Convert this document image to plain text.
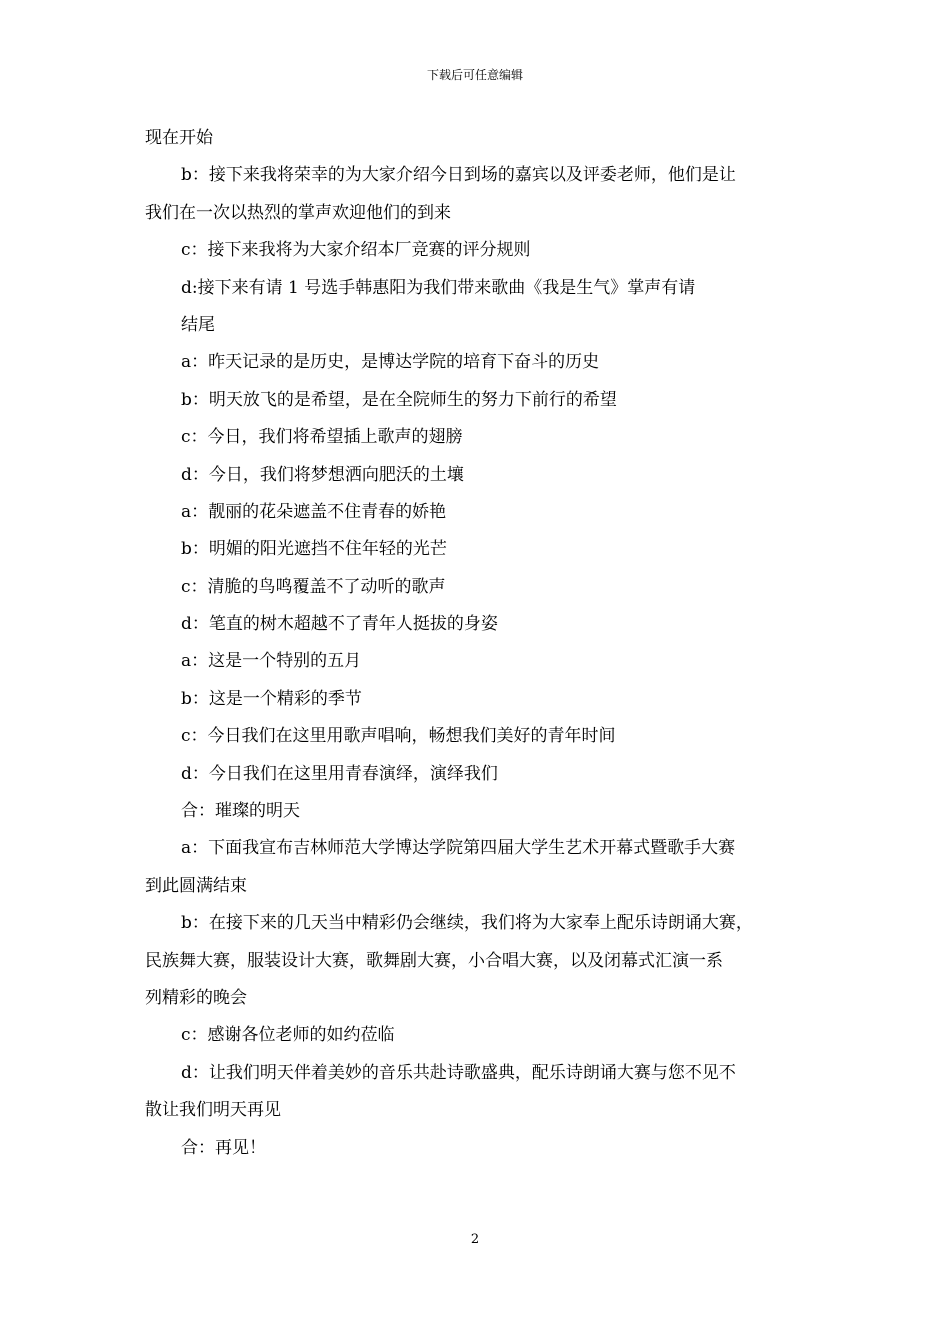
下载后可任意编辑
现在开始
b：接下来我将荣幸的为大家介绍今日到场的嘉宾以及评委老师，他们是让
我们在一次以热烈的掌声欢迎他们的到来
c：接下来我将为大家介绍本厂竞赛的评分规则
d:接下来有请 1 号选手韩惠阳为我们带来歌曲《我是生气》掌声有请
结尾
a：昨天记录的是历史，是博达学院的培育下奋斗的历史
b：明天放飞的是希望，是在全院师生的努力下前行的希望
c：今日，我们将希望插上歌声的翅膀
d：今日，我们将梦想洒向肥沃的土壤
a：靓丽的花朵遮盖不住青春的娇艳
b：明媚的阳光遮挡不住年轻的光芒
c：清脆的鸟鸣覆盖不了动听的歌声
d：笔直的树木超越不了青年人挺拔的身姿
a：这是一个特别的五月
b：这是一个精彩的季节
c：今日我们在这里用歌声唱响，畅想我们美好的青年时间
d：今日我们在这里用青春演绎，演绎我们
合：璀璨的明天
a：下面我宣布吉林师范大学博达学院第四届大学生艺术开幕式暨歌手大赛
到此圆满结束
b：在接下来的几天当中精彩仍会继续，我们将为大家奉上配乐诗朗诵大赛，
民族舞大赛，服装设计大赛，歌舞剧大赛，小合唱大赛，以及闭幕式汇演一系
列精彩的晚会
c：感谢各位老师的如约莅临
d：让我们明天伴着美妙的音乐共赴诗歌盛典，配乐诗朗诵大赛与您不见不
散让我们明天再见
合：再见！
2
